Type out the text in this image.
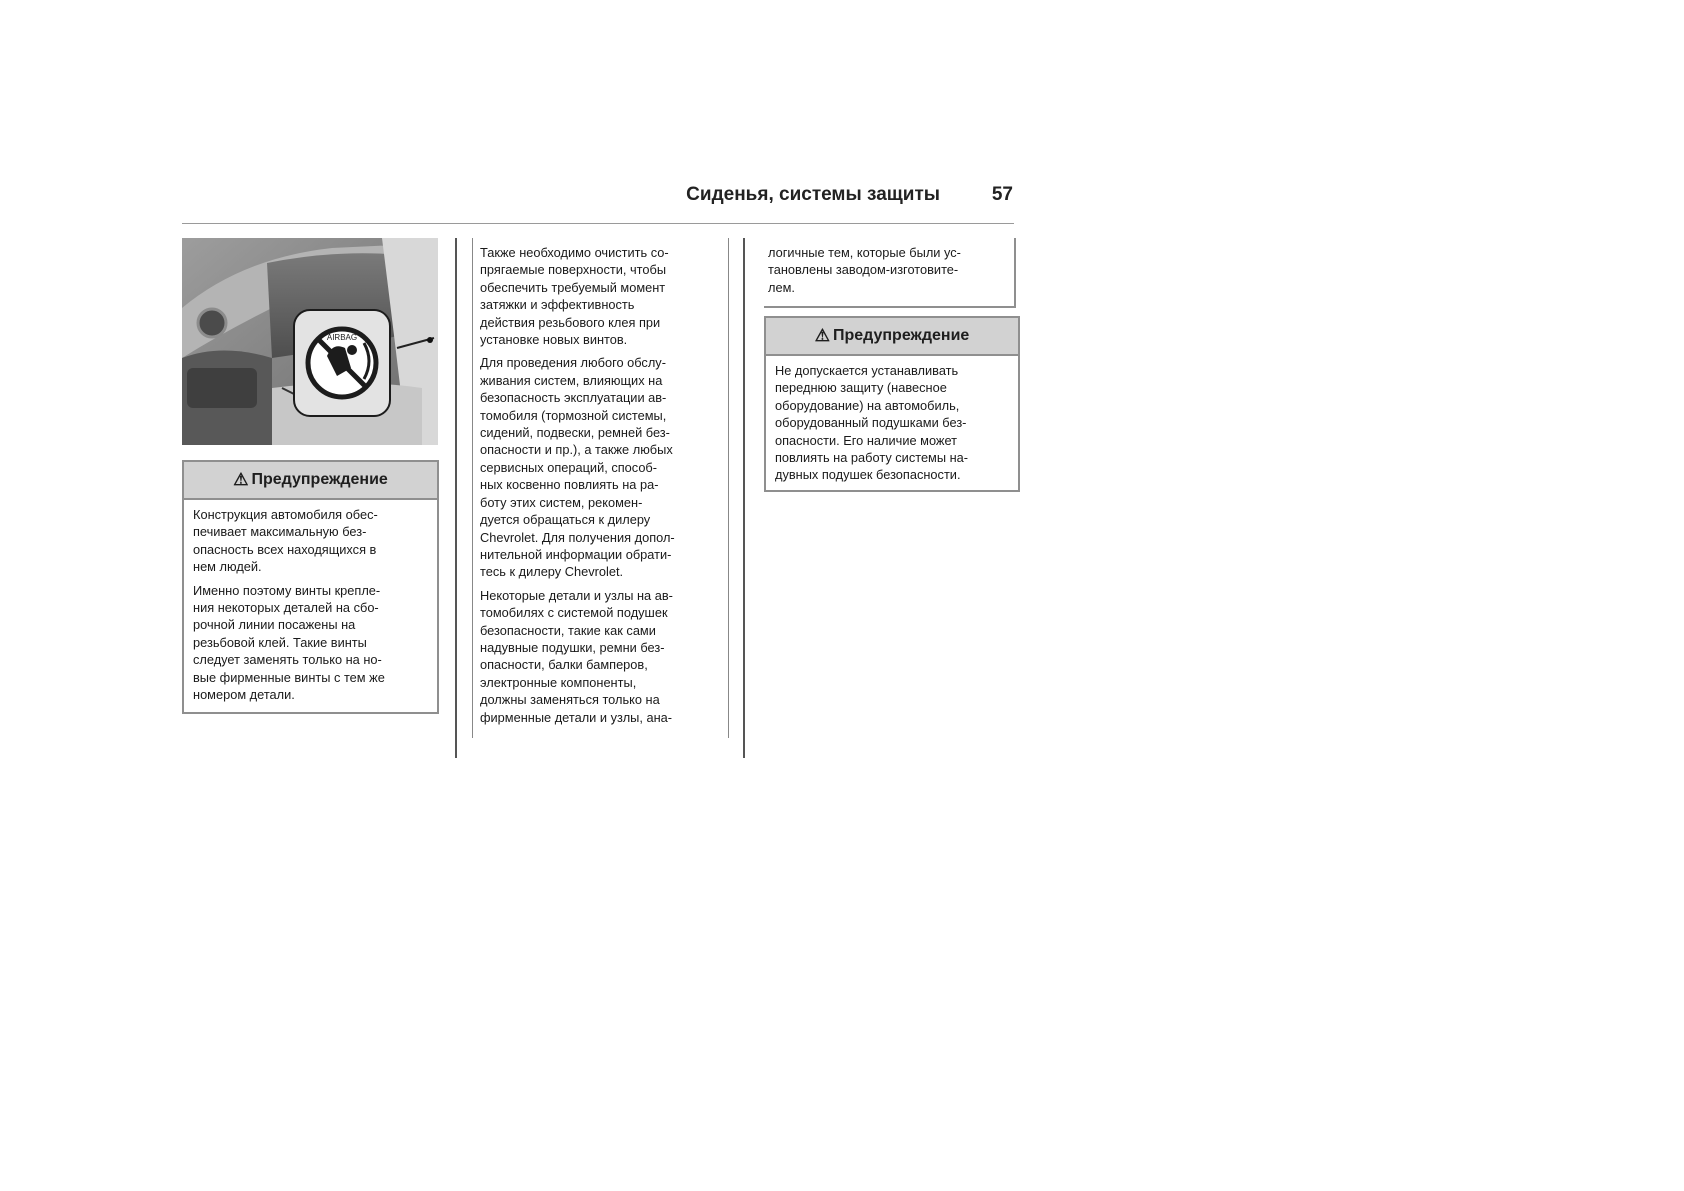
Сиденья, системы защиты	57
AIRBAG
⚠ Предупреждение

Конструкция автомобиля обес-
печивает максимальную без-
опасность всех находящихся в
нем людей.

Именно поэтому винты крепле-
ния некоторых деталей на сбо-
рочной линии посажены на
резьбовой клей. Такие винты
следует заменять только на но-
вые фирменные винты с тем же
номером детали.

Также необходимо очистить со-
прягаемые поверхности, чтобы
обеспечить требуемый момент
затяжки и эффективность
действия резьбового клея при
установке новых винтов.

Для проведения любого обслу-
живания систем, влияющих на
безопасность эксплуатации ав-
томобиля (тормозной системы,
сидений, подвески, ремней без-
опасности и пр.), а также любых
сервисных операций, способ-
ных косвенно повлиять на ра-
боту этих систем, рекомен-
дуется обращаться к дилеру
Chevrolet. Для получения допол-
нительной информации обрати-
тесь к дилеру Chevrolet.

Некоторые детали и узлы на ав-
томобилях с системой подушек
безопасности, такие как сами
надувные подушки, ремни без-
опасности, балки бамперов,
электронные компоненты,
должны заменяться только на
фирменные детали и узлы, ана-

логичные тем, которые были ус-
тановлены заводом-изготовите-
лем.

⚠ Предупреждение

Не допускается устанавливать
переднюю защиту (навесное
оборудование) на автомобиль,
оборудованный подушками без-
опасности. Его наличие может
повлиять на работу системы на-
дувных подушек безопасности.
